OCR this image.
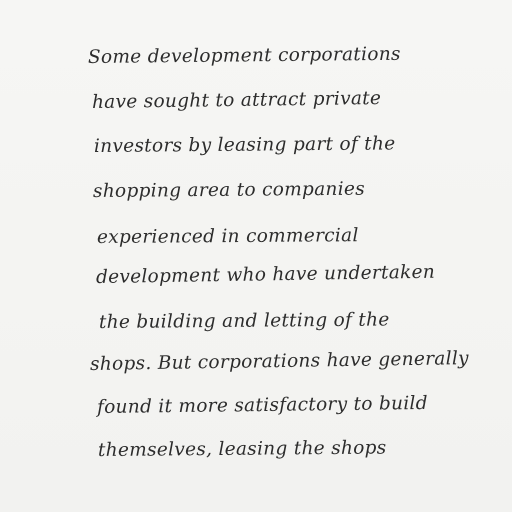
Some development corporations
have sought to attract private
investors by leasing part of the
shopping area to companies
experienced in commercial
development who have undertaken
the building and letting of the
shops. But corporations have generally
found it more satisfactory to build
themselves, leasing the shops
